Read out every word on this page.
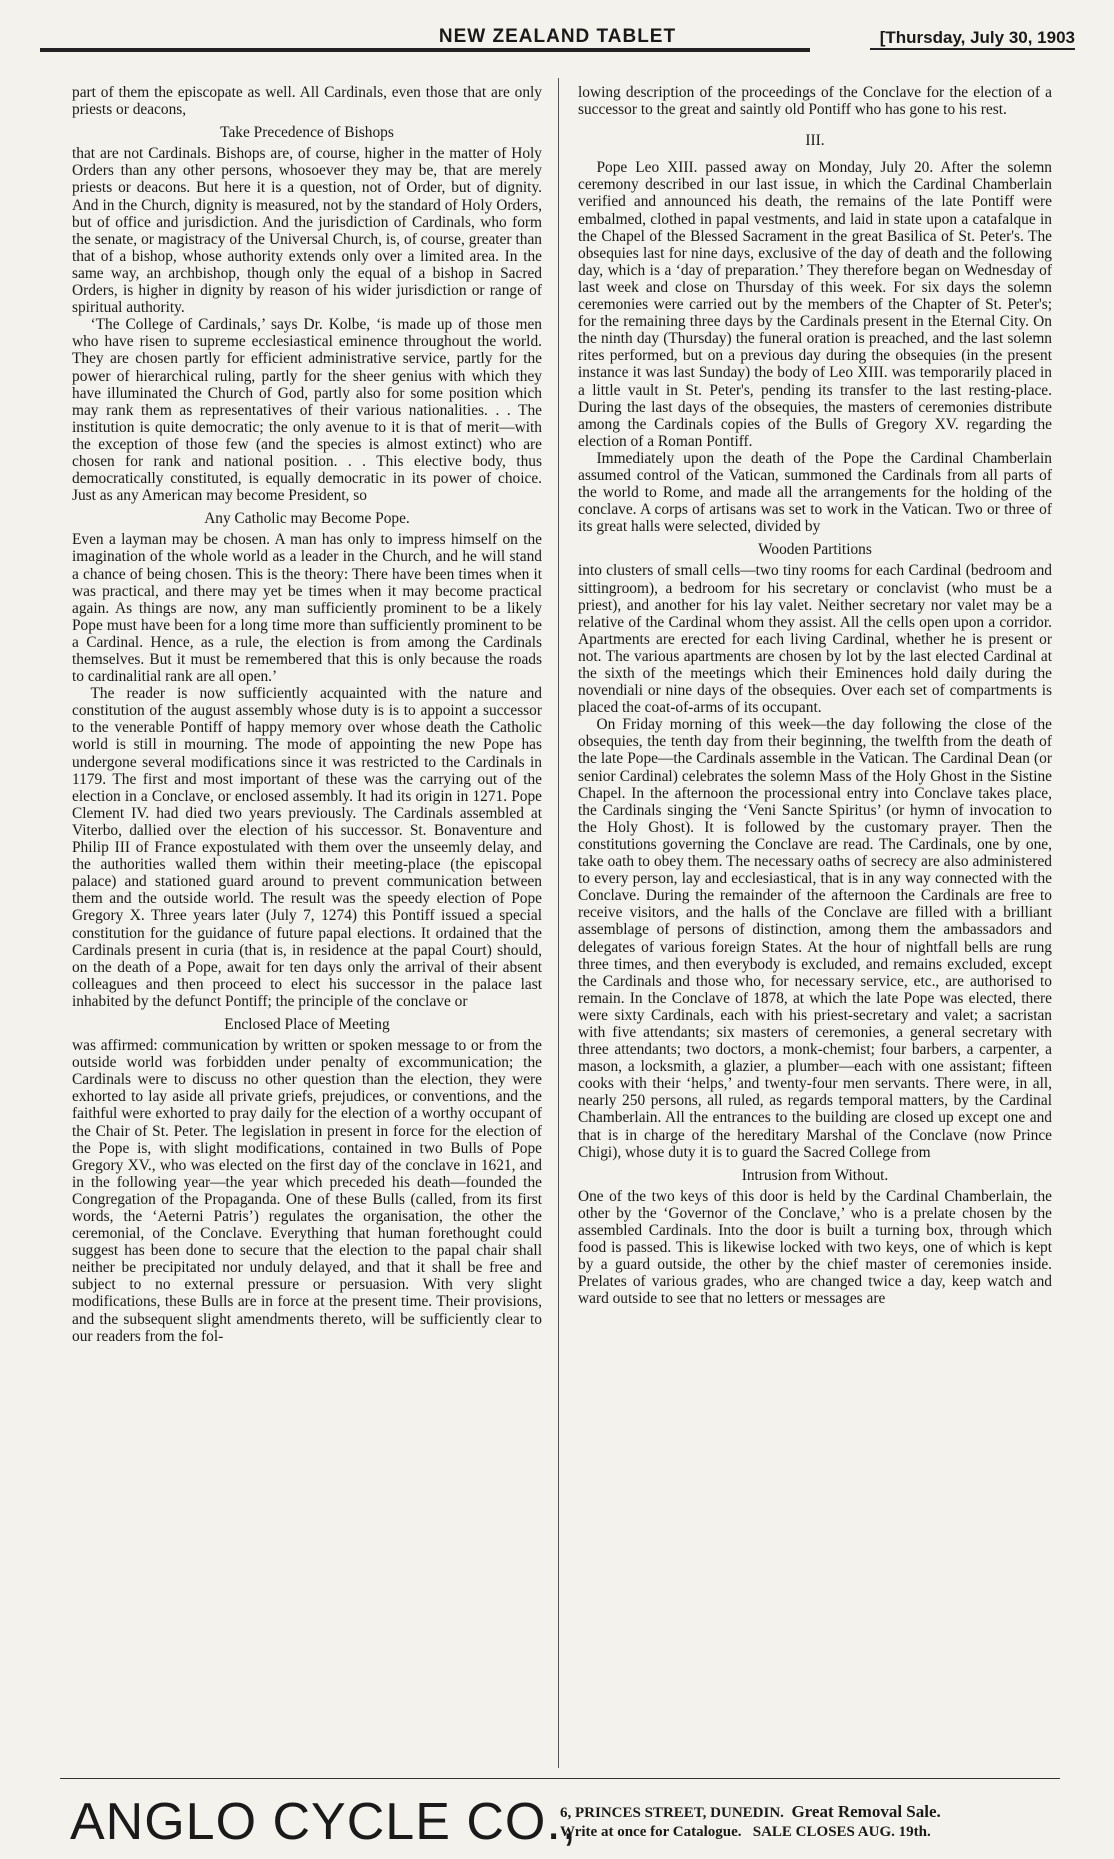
NEW ZEALAND TABLET	[Thursday, July 30, 1903

part of them the episcopate as well. All Cardinals, even those that are only priests or deacons,

Take Precedence of Bishops

that are not Cardinals. Bishops are, of course, higher in the matter of Holy Orders than any other persons, whosoever they may be, that are merely priests or deacons. But here it is a question, not of Order, but of dignity. And in the Church, dignity is measured, not by the standard of Holy Orders, but of office and jurisdiction. And the jurisdiction of Cardinals, who form the senate, or magistracy of the Universal Church, is, of course, greater than that of a bishop, whose authority extends only over a limited area. In the same way, an archbishop, though only the equal of a bishop in Sacred Orders, is higher in dignity by reason of his wider jurisdiction or range of spiritual authority.

‘The College of Cardinals,’ says Dr. Kolbe, ‘is made up of those men who have risen to supreme ecclesiastical eminence throughout the world. They are chosen partly for efficient administrative service, partly for the power of hierarchical ruling, partly for the sheer genius with which they have illuminated the Church of God, partly also for some position which may rank them as representatives of their various nationalities. . . The institution is quite democratic; the only avenue to it is that of merit—with the exception of those few (and the species is almost extinct) who are chosen for rank and national position. . . This elective body, thus democratically constituted, is equally democratic in its power of choice. Just as any American may become President, so

Any Catholic may Become Pope.

Even a layman may be chosen. A man has only to impress himself on the imagination of the whole world as a leader in the Church, and he will stand a chance of being chosen. This is the theory: There have been times when it was practical, and there may yet be times when it may become practical again. As things are now, any man sufficiently prominent to be a likely Pope must have been for a long time more than sufficiently prominent to be a Cardinal. Hence, as a rule, the election is from among the Cardinals themselves. But it must be remembered that this is only because the roads to cardinalitial rank are all open.’

The reader is now sufficiently acquainted with the nature and constitution of the august assembly whose duty is is to appoint a successor to the venerable Pontiff of happy memory over whose death the Catholic world is still in mourning. The mode of appointing the new Pope has undergone several modifications since it was restricted to the Cardinals in 1179. The first and most important of these was the carrying out of the election in a Conclave, or enclosed assembly. It had its origin in 1271. Pope Clement IV. had died two years previously. The Cardinals assembled at Viterbo, dallied over the election of his successor. St. Bonaventure and Philip III of France expostulated with them over the unseemly delay, and the authorities walled them within their meeting-place (the episcopal palace) and stationed guard around to prevent communication between them and the outside world. The result was the speedy election of Pope Gregory X. Three years later (July 7, 1274) this Pontiff issued a special constitution for the guidance of future papal elections. It ordained that the Cardinals present in curia (that is, in residence at the papal Court) should, on the death of a Pope, await for ten days only the arrival of their absent colleagues and then proceed to elect his successor in the palace last inhabited by the defunct Pontiff; the principle of the conclave or

Enclosed Place of Meeting

was affirmed: communication by written or spoken message to or from the outside world was forbidden under penalty of excommunication; the Cardinals were to discuss no other question than the election, they were exhorted to lay aside all private griefs, prejudices, or conventions, and the faithful were exhorted to pray daily for the election of a worthy occupant of the Chair of St. Peter. The legislation in present in force for the election of the Pope is, with slight modifications, contained in two Bulls of Pope Gregory XV., who was elected on the first day of the conclave in 1621, and in the following year—the year which preceded his death—founded the Congregation of the Propaganda. One of these Bulls (called, from its first words, the ‘Aeterni Patris’) regulates the organisation, the other the ceremonial, of the Conclave. Everything that human forethought could suggest has been done to secure that the election to the papal chair shall neither be precipitated nor unduly delayed, and that it shall be free and subject to no external pressure or persuasion. With very slight modifications, these Bulls are in force at the present time. Their provisions, and the subsequent slight amendments thereto, will be sufficiently clear to our readers from the fol-

lowing description of the proceedings of the Conclave for the election of a successor to the great and saintly old Pontiff who has gone to his rest.

III.

Pope Leo XIII. passed away on Monday, July 20. After the solemn ceremony described in our last issue, in which the Cardinal Chamberlain verified and announced his death, the remains of the late Pontiff were embalmed, clothed in papal vestments, and laid in state upon a catafalque in the Chapel of the Blessed Sacrament in the great Basilica of St. Peter's. The obsequies last for nine days, exclusive of the day of death and the following day, which is a ‘day of preparation.’ They therefore began on Wednesday of last week and close on Thursday of this week. For six days the solemn ceremonies were carried out by the members of the Chapter of St. Peter's; for the remaining three days by the Cardinals present in the Eternal City. On the ninth day (Thursday) the funeral oration is preached, and the last solemn rites performed, but on a previous day during the obsequies (in the present instance it was last Sunday) the body of Leo XIII. was temporarily placed in a little vault in St. Peter's, pending its transfer to the last resting-place. During the last days of the obsequies, the masters of ceremonies distribute among the Cardinals copies of the Bulls of Gregory XV. regarding the election of a Roman Pontiff.

Immediately upon the death of the Pope the Cardinal Chamberlain assumed control of the Vatican, summoned the Cardinals from all parts of the world to Rome, and made all the arrangements for the holding of the conclave. A corps of artisans was set to work in the Vatican. Two or three of its great halls were selected, divided by

Wooden Partitions

into clusters of small cells—two tiny rooms for each Cardinal (bedroom and sittingroom), a bedroom for his secretary or conclavist (who must be a priest), and another for his lay valet. Neither secretary nor valet may be a relative of the Cardinal whom they assist. All the cells open upon a corridor. Apartments are erected for each living Cardinal, whether he is present or not. The various apartments are chosen by lot by the last elected Cardinal at the sixth of the meetings which their Eminences hold daily during the novendiali or nine days of the obsequies. Over each set of compartments is placed the coat-of-arms of its occupant.

On Friday morning of this week—the day following the close of the obsequies, the tenth day from their beginning, the twelfth from the death of the late Pope—the Cardinals assemble in the Vatican. The Cardinal Dean (or senior Cardinal) celebrates the solemn Mass of the Holy Ghost in the Sistine Chapel. In the afternoon the processional entry into Conclave takes place, the Cardinals singing the ‘Veni Sancte Spiritus’ (or hymn of invocation to the Holy Ghost). It is followed by the customary prayer. Then the constitutions governing the Conclave are read. The Cardinals, one by one, take oath to obey them. The necessary oaths of secrecy are also administered to every person, lay and ecclesiastical, that is in any way connected with the Conclave. During the remainder of the afternoon the Cardinals are free to receive visitors, and the halls of the Conclave are filled with a brilliant assemblage of persons of distinction, among them the ambassadors and delegates of various foreign States. At the hour of nightfall bells are rung three times, and then everybody is excluded, and remains excluded, except the Cardinals and those who, for necessary service, etc., are authorised to remain. In the Conclave of 1878, at which the late Pope was elected, there were sixty Cardinals, each with his priest-secretary and valet; a sacristan with five attendants; six masters of ceremonies, a general secretary with three attendants; two doctors, a monk-chemist; four barbers, a carpenter, a mason, a locksmith, a glazier, a plumber—each with one assistant; fifteen cooks with their ‘helps,’ and twenty-four men servants. There were, in all, nearly 250 persons, all ruled, as regards temporal matters, by the Cardinal Chamberlain. All the entrances to the building are closed up except one and that is in charge of the hereditary Marshal of the Conclave (now Prince Chigi), whose duty it is to guard the Sacred College from

Intrusion from Without.

One of the two keys of this door is held by the Cardinal Chamberlain, the other by the ‘Governor of the Conclave,’ who is a prelate chosen by the assembled Cardinals. Into the door is built a turning box, through which food is passed. This is likewise locked with two keys, one of which is kept by a guard outside, the other by the chief master of ceremonies inside. Prelates of various grades, who are changed twice a day, keep watch and ward outside to see that no letters or messages are

ANGLO CYCLE CO.,
6, PRINCES STREET, DUNEDIN. Great Removal Sale.
Write at once for Catalogue. SALE CLOSES AUG. 19th.
